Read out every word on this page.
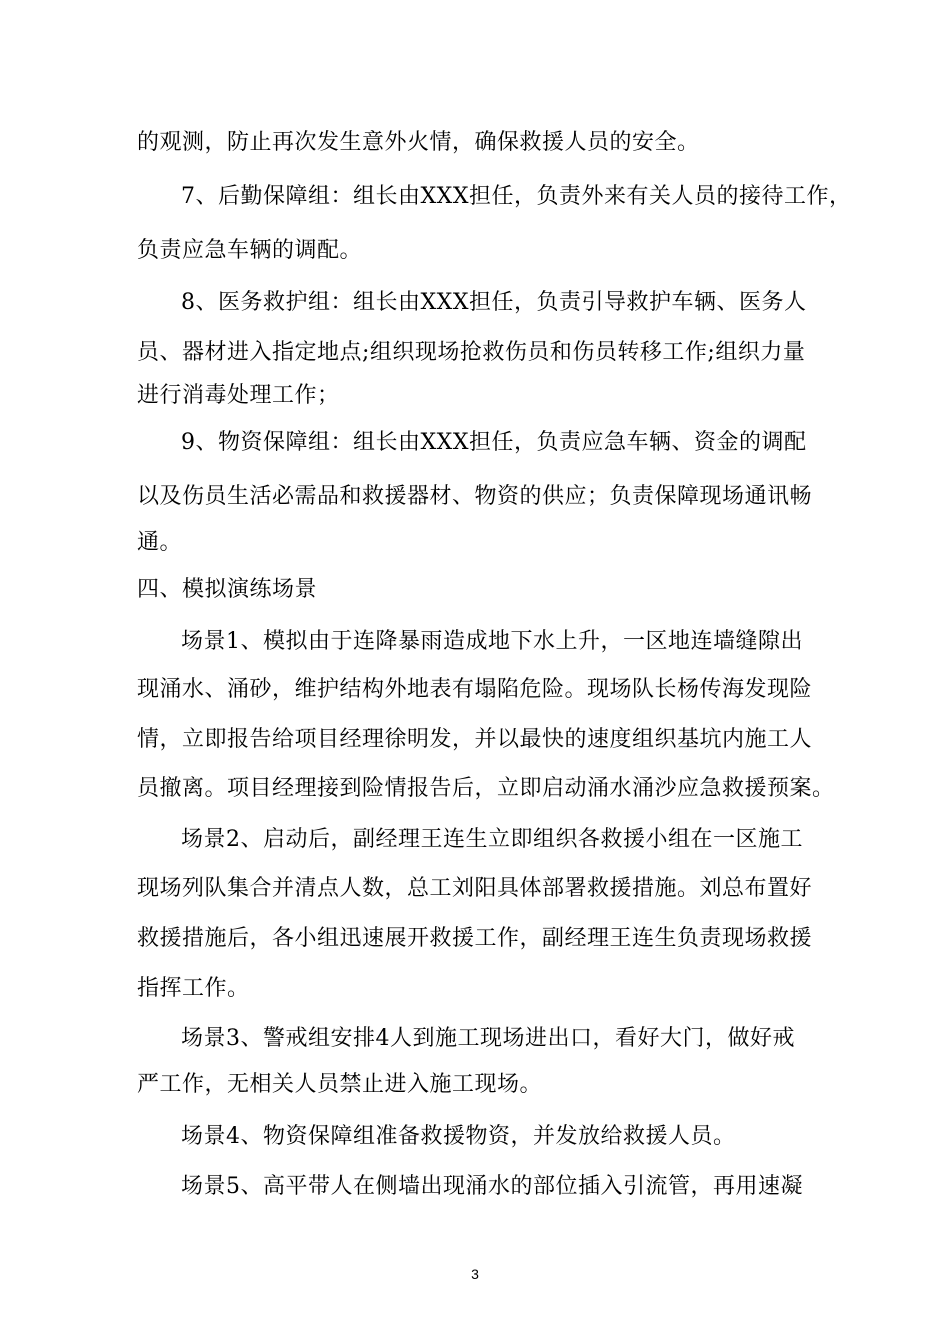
的观测，防止再次发生意外火情，确保救援人员的安全。
7、后勤保障组：组长由XXX担任，负责外来有关人员的接待工作，
负责应急车辆的调配。
8、医务救护组：组长由XXX担任，负责引导救护车辆、医务人
员、器材进入指定地点;组织现场抢救伤员和伤员转移工作;组织力量
进行消毒处理工作；
9、物资保障组：组长由XXX担任，负责应急车辆、资金的调配
以及伤员生活必需品和救援器材、物资的供应；负责保障现场通讯畅
通。
四、模拟演练场景
场景1、模拟由于连降暴雨造成地下水上升，一区地连墙缝隙出
现涌水、涌砂，维护结构外地表有塌陷危险。现场队长杨传海发现险
情，立即报告给项目经理徐明发，并以最快的速度组织基坑内施工人
员撤离。项目经理接到险情报告后，立即启动涌水涌沙应急救援预案。
场景2、启动后，副经理王连生立即组织各救援小组在一区施工
现场列队集合并清点人数，总工刘阳具体部署救援措施。刘总布置好
救援措施后，各小组迅速展开救援工作，副经理王连生负责现场救援
指挥工作。
场景3、警戒组安排4人到施工现场进出口，看好大门，做好戒
严工作，无相关人员禁止进入施工现场。
场景4、物资保障组准备救援物资，并发放给救援人员。
场景5、高平带人在侧墙出现涌水的部位插入引流管，再用速凝
3
